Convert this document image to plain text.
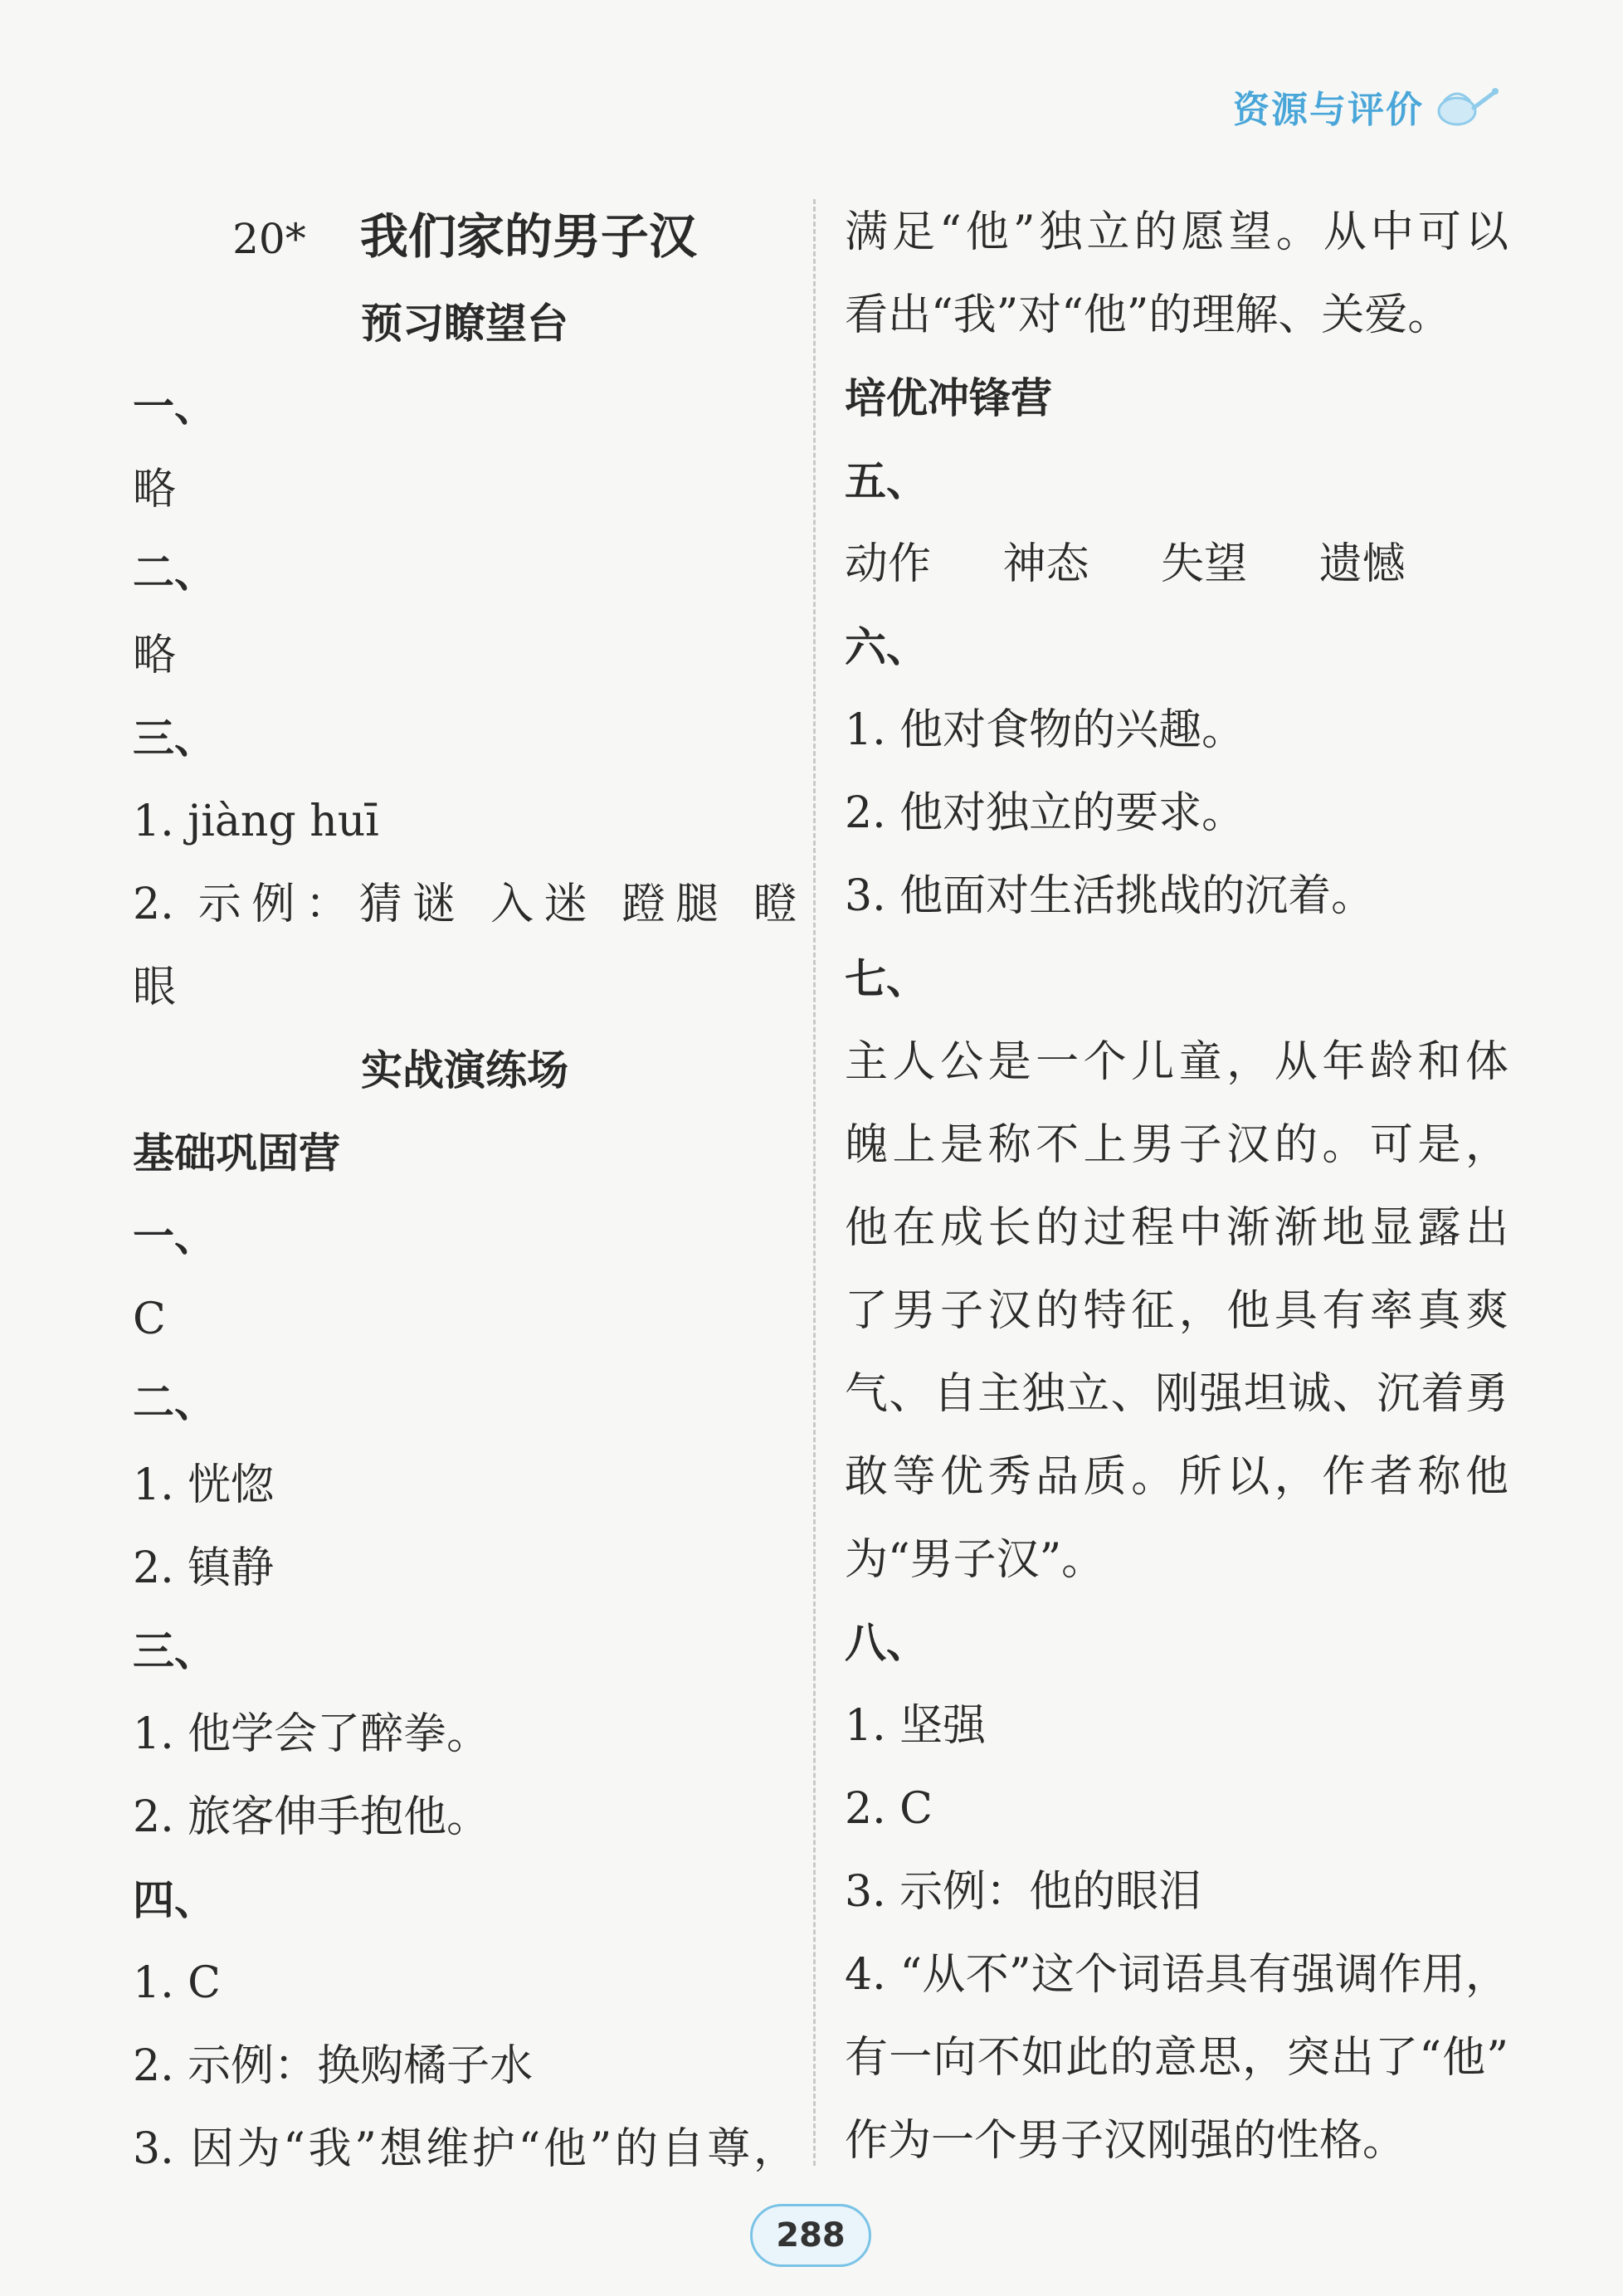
资源与评价
20* 我们家的男子汉
预习瞭望台
一、
略
二、
略
三、
1. jiàng huī
2. 示例：猜谜 入迷 蹬腿 瞪
眼
实战演练场
基础巩固营
一、
C
二、
1. 恍惚
2. 镇静
三、
1. 他学会了醉拳。
2. 旅客伸手抱他。
四、
1. C
2. 示例：换购橘子水
3. 因为“我”想维护“他”的自尊，
满足“他”独立的愿望。从中可以
看出“我”对“他”的理解、关爱。
培优冲锋营
五、
动作 神态 失望 遗憾
六、
1. 他对食物的兴趣。
2. 他对独立的要求。
3. 他面对生活挑战的沉着。
七、
主人公是一个儿童，从年龄和体
魄上是称不上男子汉的。可是，
他在成长的过程中渐渐地显露出
了男子汉的特征，他具有率真爽
气、自主独立、刚强坦诚、沉着勇
敢等优秀品质。所以，作者称他
为“男子汉”。
八、
1. 坚强
2. C
3. 示例：他的眼泪
4. “从不”这个词语具有强调作用，
有一向不如此的意思，突出了“他”
作为一个男子汉刚强的性格。
288
